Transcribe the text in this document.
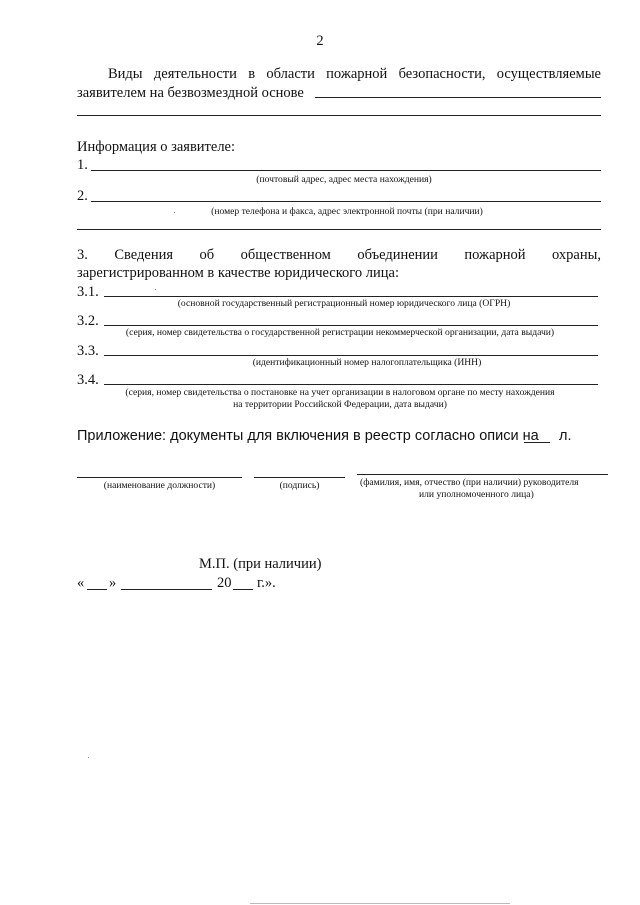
2
Виды деятельности в области пожарной безопасности, осуществляемые
заявителем на безвозмездной основе
Информация о заявителе:
1.
(почтовый адрес, адрес места нахождения)
2.
(номер телефона и факса, адрес электронной почты (при наличии)
3. Сведения об общественном объединении пожарной охраны,
зарегистрированном в качестве юридического лица:
3.1.
(основной государственный регистрационный номер юридического лица (ОГРН)
3.2.
(серия, номер свидетельства о государственной регистрации некоммерческой организации, дата выдачи)
3.3.
(идентификационный номер налогоплательщика (ИНН)
3.4.
(серия, номер свидетельства о постановке на учет организации в налоговом органе по месту нахождения
на территории Российской Федерации, дата выдачи)
Приложение: документы для включения в реестр согласно описи на л.
(наименование должности)	(подпись)	(фамилия, имя, отчество (при наличии) руководителя
или уполномоченного лица)
М.П. (при наличии)
« »	20 г.».
